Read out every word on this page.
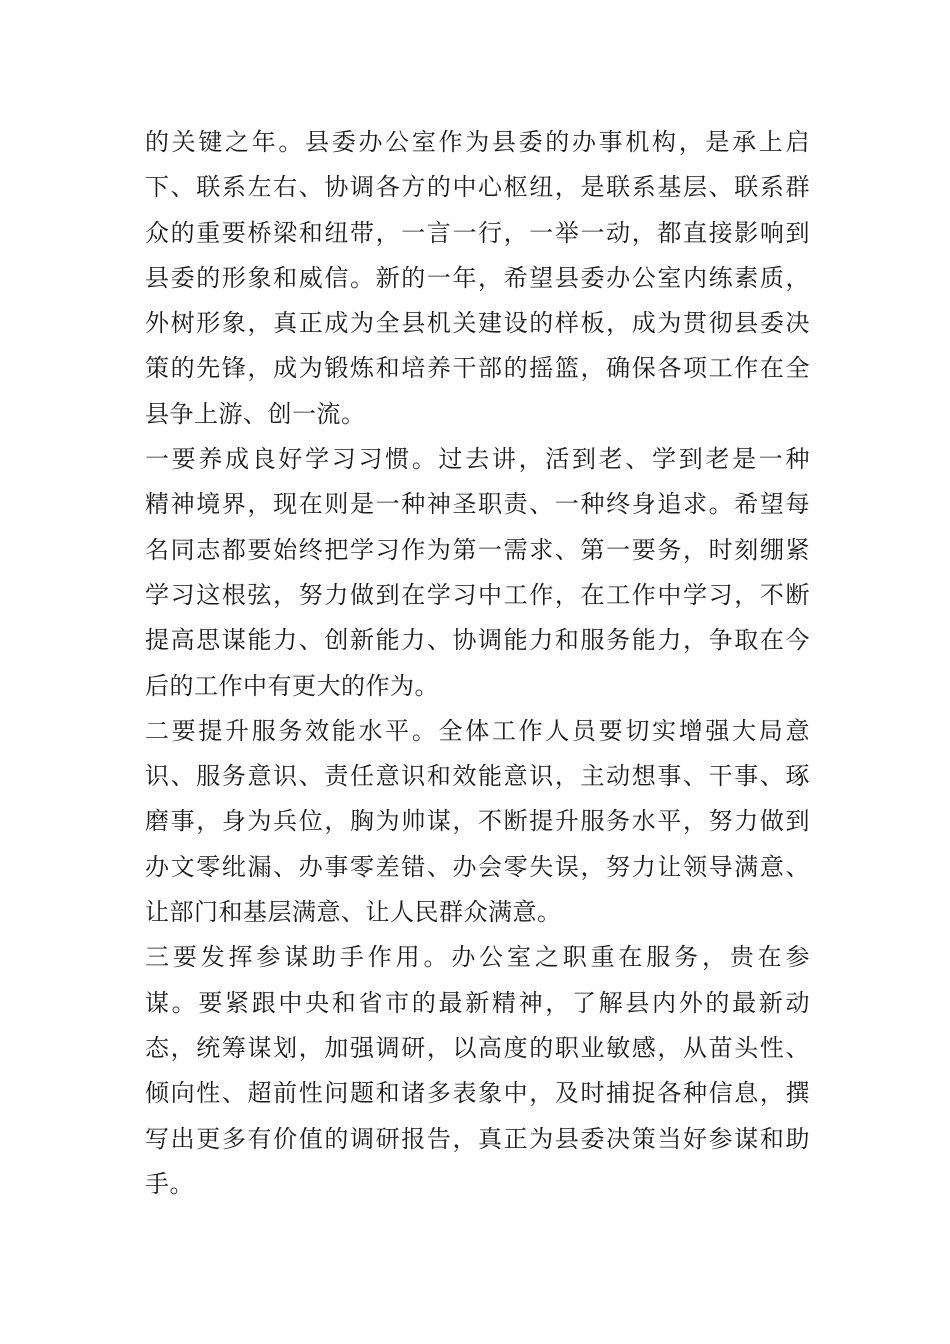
的关键之年。县委办公室作为县委的办事机构，是承上启
下、联系左右、协调各方的中心枢纽，是联系基层、联系群
众的重要桥梁和纽带，一言一行，一举一动，都直接影响到
县委的形象和威信。新的一年，希望县委办公室内练素质，
外树形象，真正成为全县机关建设的样板，成为贯彻县委决
策的先锋，成为锻炼和培养干部的摇篮，确保各项工作在全
县争上游、创一流。
一要养成良好学习习惯。过去讲，活到老、学到老是一种
精神境界，现在则是一种神圣职责、一种终身追求。希望每
名同志都要始终把学习作为第一需求、第一要务，时刻绷紧
学习这根弦，努力做到在学习中工作，在工作中学习，不断
提高思谋能力、创新能力、协调能力和服务能力，争取在今
后的工作中有更大的作为。
二要提升服务效能水平。全体工作人员要切实增强大局意
识、服务意识、责任意识和效能意识，主动想事、干事、琢
磨事，身为兵位，胸为帅谋，不断提升服务水平，努力做到
办文零纰漏、办事零差错、办会零失误，努力让领导满意、
让部门和基层满意、让人民群众满意。
三要发挥参谋助手作用。办公室之职重在服务，贵在参
谋。要紧跟中央和省市的最新精神，了解县内外的最新动
态，统筹谋划，加强调研，以高度的职业敏感，从苗头性、
倾向性、超前性问题和诸多表象中，及时捕捉各种信息，撰
写出更多有价值的调研报告，真正为县委决策当好参谋和助
手。
